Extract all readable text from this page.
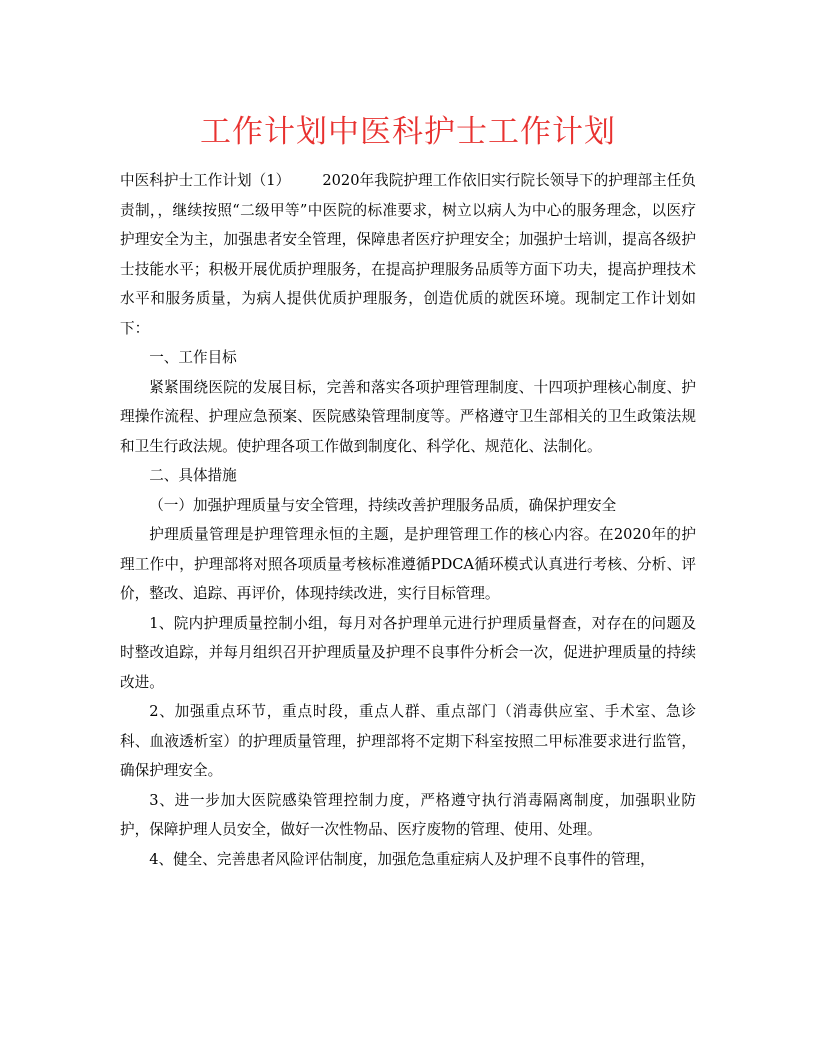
工作计划中医科护士工作计划

中医科护士工作计划（1） 2020年我院护理工作依旧实行院长领导下的护理部主任负责制，，继续按照“二级甲等”中医院的标准要求，树立以病人为中心的服务理念，以医疗护理安全为主，加强患者安全管理，保障患者医疗护理安全；加强护士培训，提高各级护士技能水平；积极开展优质护理服务，在提高护理服务品质等方面下功夫，提高护理技术水平和服务质量，为病人提供优质护理服务，创造优质的就医环境。现制定工作计划如下：

一、工作目标

紧紧围绕医院的发展目标，完善和落实各项护理管理制度、十四项护理核心制度、护理操作流程、护理应急预案、医院感染管理制度等。严格遵守卫生部相关的卫生政策法规和卫生行政法规。使护理各项工作做到制度化、科学化、规范化、法制化。

二、具体措施

（一）加强护理质量与安全管理，持续改善护理服务品质，确保护理安全

护理质量管理是护理管理永恒的主题，是护理管理工作的核心内容。在2020年的护理工作中，护理部将对照各项质量考核标准遵循PDCA循环模式认真进行考核、分析、评价，整改、追踪、再评价，体现持续改进，实行目标管理。

1、院内护理质量控制小组，每月对各护理单元进行护理质量督查，对存在的问题及时整改追踪，并每月组织召开护理质量及护理不良事件分析会一次，促进护理质量的持续改进。

2、加强重点环节，重点时段，重点人群、重点部门（消毒供应室、手术室、急诊科、血液透析室）的护理质量管理，护理部将不定期下科室按照二甲标准要求进行监管，确保护理安全。

3、进一步加大医院感染管理控制力度，严格遵守执行消毒隔离制度，加强职业防护，保障护理人员安全，做好一次性物品、医疗废物的管理、使用、处理。

4、健全、完善患者风险评估制度，加强危急重症病人及护理不良事件的管理，
